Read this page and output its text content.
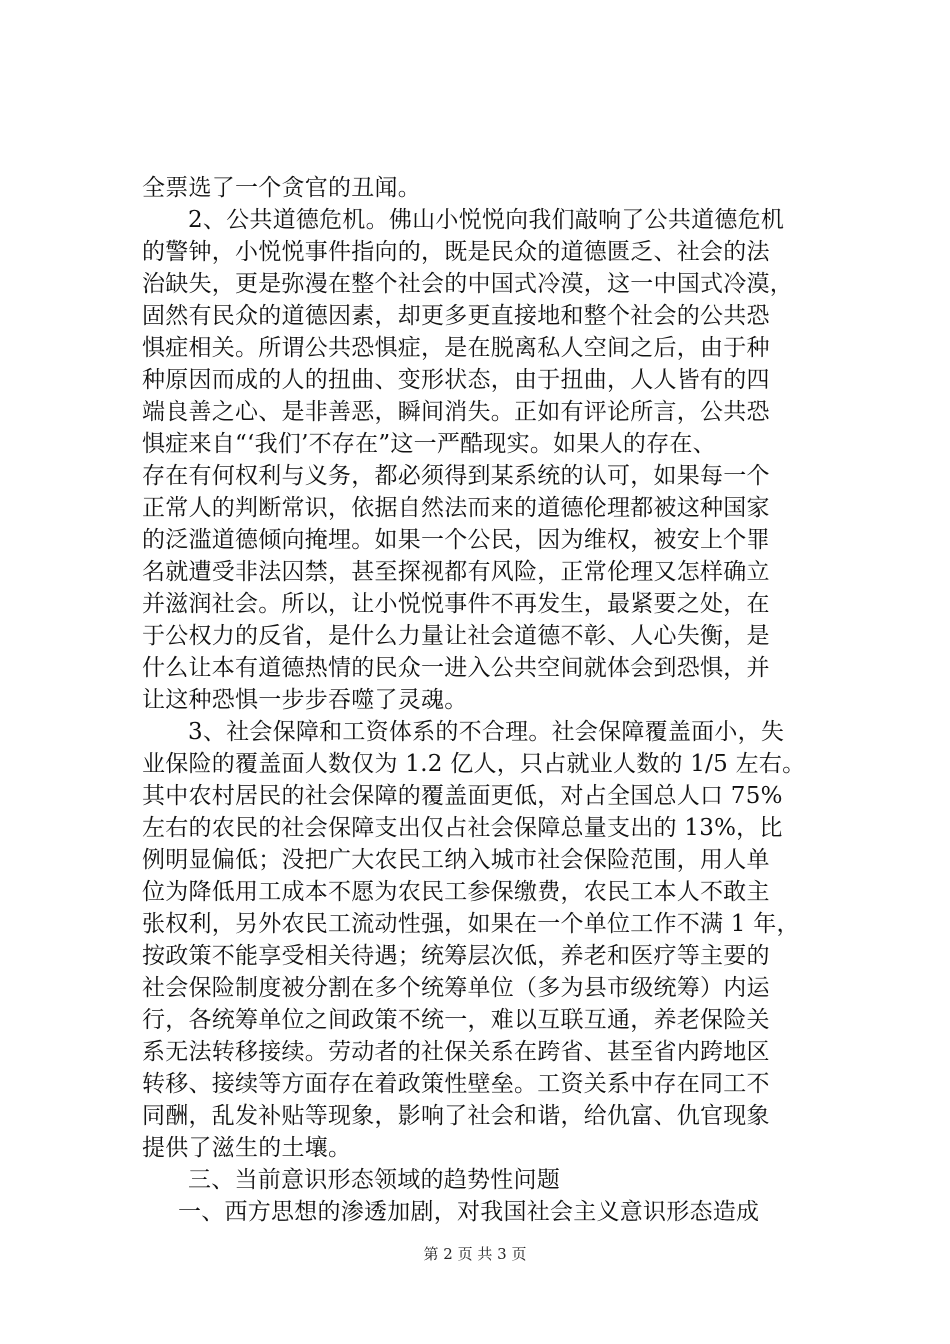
全票选了一个贪官的丑闻。
2、公共道德危机。佛山小悦悦向我们敲响了公共道德危机
的警钟，小悦悦事件指向的，既是民众的道德匮乏、社会的法
治缺失，更是弥漫在整个社会的中国式冷漠，这一中国式冷漠，
固然有民众的道德因素，却更多更直接地和整个社会的公共恐
惧症相关。所谓公共恐惧症，是在脱离私人空间之后，由于种
种原因而成的人的扭曲、变形状态，由于扭曲，人人皆有的四
端良善之心、是非善恶，瞬间消失。正如有评论所言，公共恐
惧症来自“‘我们’不存在”这一严酷现实。如果人的存在、
存在有何权利与义务，都必须得到某系统的认可，如果每一个
正常人的判断常识，依据自然法而来的道德伦理都被这种国家
的泛滥道德倾向掩埋。如果一个公民，因为维权，被安上个罪
名就遭受非法囚禁，甚至探视都有风险，正常伦理又怎样确立
并滋润社会。所以，让小悦悦事件不再发生，最紧要之处，在
于公权力的反省，是什么力量让社会道德不彰、人心失衡，是
什么让本有道德热情的民众一进入公共空间就体会到恐惧，并
让这种恐惧一步步吞噬了灵魂。
3、社会保障和工资体系的不合理。社会保障覆盖面小，失
业保险的覆盖面人数仅为 1.2 亿人，只占就业人数的 1/5 左右。
其中农村居民的社会保障的覆盖面更低，对占全国总人口 75%
左右的农民的社会保障支出仅占社会保障总量支出的 13%，比
例明显偏低；没把广大农民工纳入城市社会保险范围，用人单
位为降低用工成本不愿为农民工参保缴费，农民工本人不敢主
张权利，另外农民工流动性强，如果在一个单位工作不满 1 年，
按政策不能享受相关待遇；统筹层次低，养老和医疗等主要的
社会保险制度被分割在多个统筹单位（多为县市级统筹）内运
行，各统筹单位之间政策不统一，难以互联互通，养老保险关
系无法转移接续。劳动者的社保关系在跨省、甚至省内跨地区
转移、接续等方面存在着政策性壁垒。工资关系中存在同工不
同酬，乱发补贴等现象，影响了社会和谐，给仇富、仇官现象
提供了滋生的土壤。
三、当前意识形态领域的趋势性问题
一、西方思想的渗透加剧，对我国社会主义意识形态造成
第 2 页 共 3 页
